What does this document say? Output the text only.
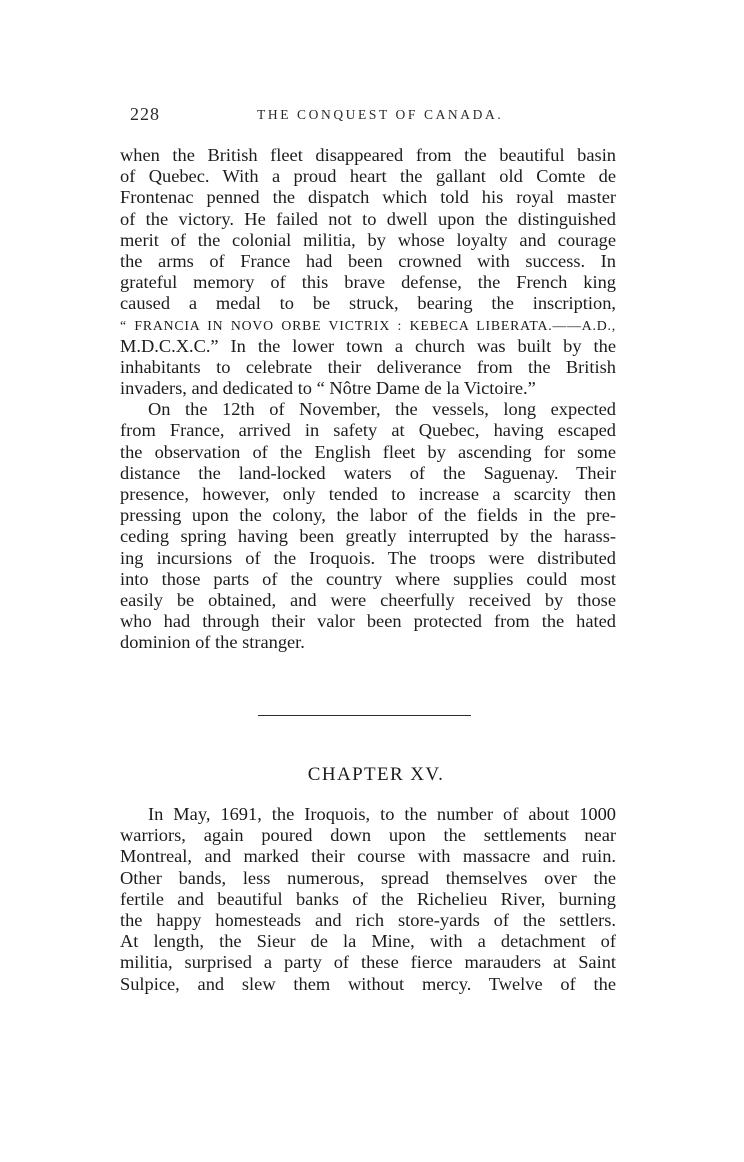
228	THE CONQUEST OF CANADA.
when the British fleet disappeared from the beautiful basin
of Quebec. With a proud heart the gallant old Comte de
Frontenac penned the dispatch which told his royal master
of the victory. He failed not to dwell upon the distinguished
merit of the colonial militia, by whose loyalty and courage
the arms of France had been crowned with success. In
grateful memory of this brave defense, the French king
caused a medal to be struck, bearing the inscription,
“ FRANCIA IN NOVO ORBE VICTRIX : KEBECA LIBERATA.——A.D.,
M.D.C.X.C.” In the lower town a church was built by the
inhabitants to celebrate their deliverance from the British
invaders, and dedicated to “ Nôtre Dame de la Victoire.”
On the 12th of November, the vessels, long expected
from France, arrived in safety at Quebec, having escaped
the observation of the English fleet by ascending for some
distance the land-locked waters of the Saguenay. Their
presence, however, only tended to increase a scarcity then
pressing upon the colony, the labor of the fields in the pre-
ceding spring having been greatly interrupted by the harass-
ing incursions of the Iroquois. The troops were distributed
into those parts of the country where supplies could most
easily be obtained, and were cheerfully received by those
who had through their valor been protected from the hated
dominion of the stranger.
CHAPTER XV.
In May, 1691, the Iroquois, to the number of about 1000
warriors, again poured down upon the settlements near
Montreal, and marked their course with massacre and ruin.
Other bands, less numerous, spread themselves over the
fertile and beautiful banks of the Richelieu River, burning
the happy homesteads and rich store-yards of the settlers.
At length, the Sieur de la Mine, with a detachment of
militia, surprised a party of these fierce marauders at Saint
Sulpice, and slew them without mercy. Twelve of the
